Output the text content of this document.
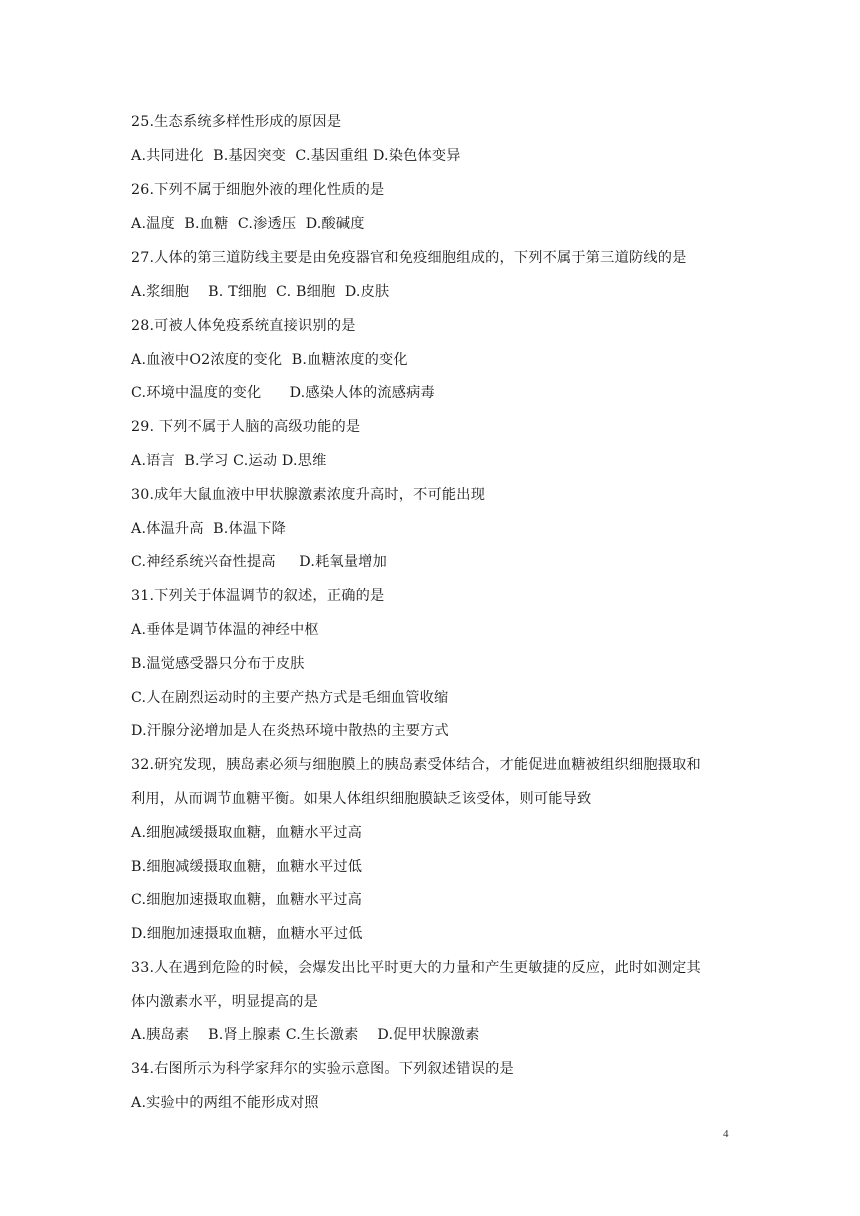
25.生态系统多样性形成的原因是
A.共同进化  B.基因突变  C.基因重组 D.染色体变异
26.下列不属于细胞外液的理化性质的是
A.温度  B.血糖  C.渗透压  D.酸碱度
27.人体的第三道防线主要是由免疫器官和免疫细胞组成的，下列不属于第三道防线的是
A.浆细胞    B. T细胞  C. B细胞  D.皮肤
28.可被人体免疫系统直接识别的是
A.血液中O2浓度的变化  B.血糖浓度的变化
C.环境中温度的变化      D.感染人体的流感病毒
29. 下列不属于人脑的高级功能的是
A.语言  B.学习 C.运动 D.思维
30.成年大鼠血液中甲状腺激素浓度升高时，不可能出现
A.体温升高  B.体温下降
C.神经系统兴奋性提高     D.耗氧量增加
31.下列关于体温调节的叙述，正确的是
A.垂体是调节体温的神经中枢
B.温觉感受器只分布于皮肤
C.人在剧烈运动时的主要产热方式是毛细血管收缩
D.汗腺分泌增加是人在炎热环境中散热的主要方式
32.研究发现，胰岛素必须与细胞膜上的胰岛素受体结合，才能促进血糖被组织细胞摄取和
利用，从而调节血糖平衡。如果人体组织细胞膜缺乏该受体，则可能导致
A.细胞减缓摄取血糖，血糖水平过高
B.细胞减缓摄取血糖，血糖水平过低
C.细胞加速摄取血糖，血糖水平过高
D.细胞加速摄取血糖，血糖水平过低
33.人在遇到危险的时候，会爆发出比平时更大的力量和产生更敏捷的反应，此时如测定其
体内激素水平，明显提高的是
A.胰岛素    B.肾上腺素 C.生长激素    D.促甲状腺激素
34.右图所示为科学家拜尔的实验示意图。下列叙述错误的是
A.实验中的两组不能形成对照
4
